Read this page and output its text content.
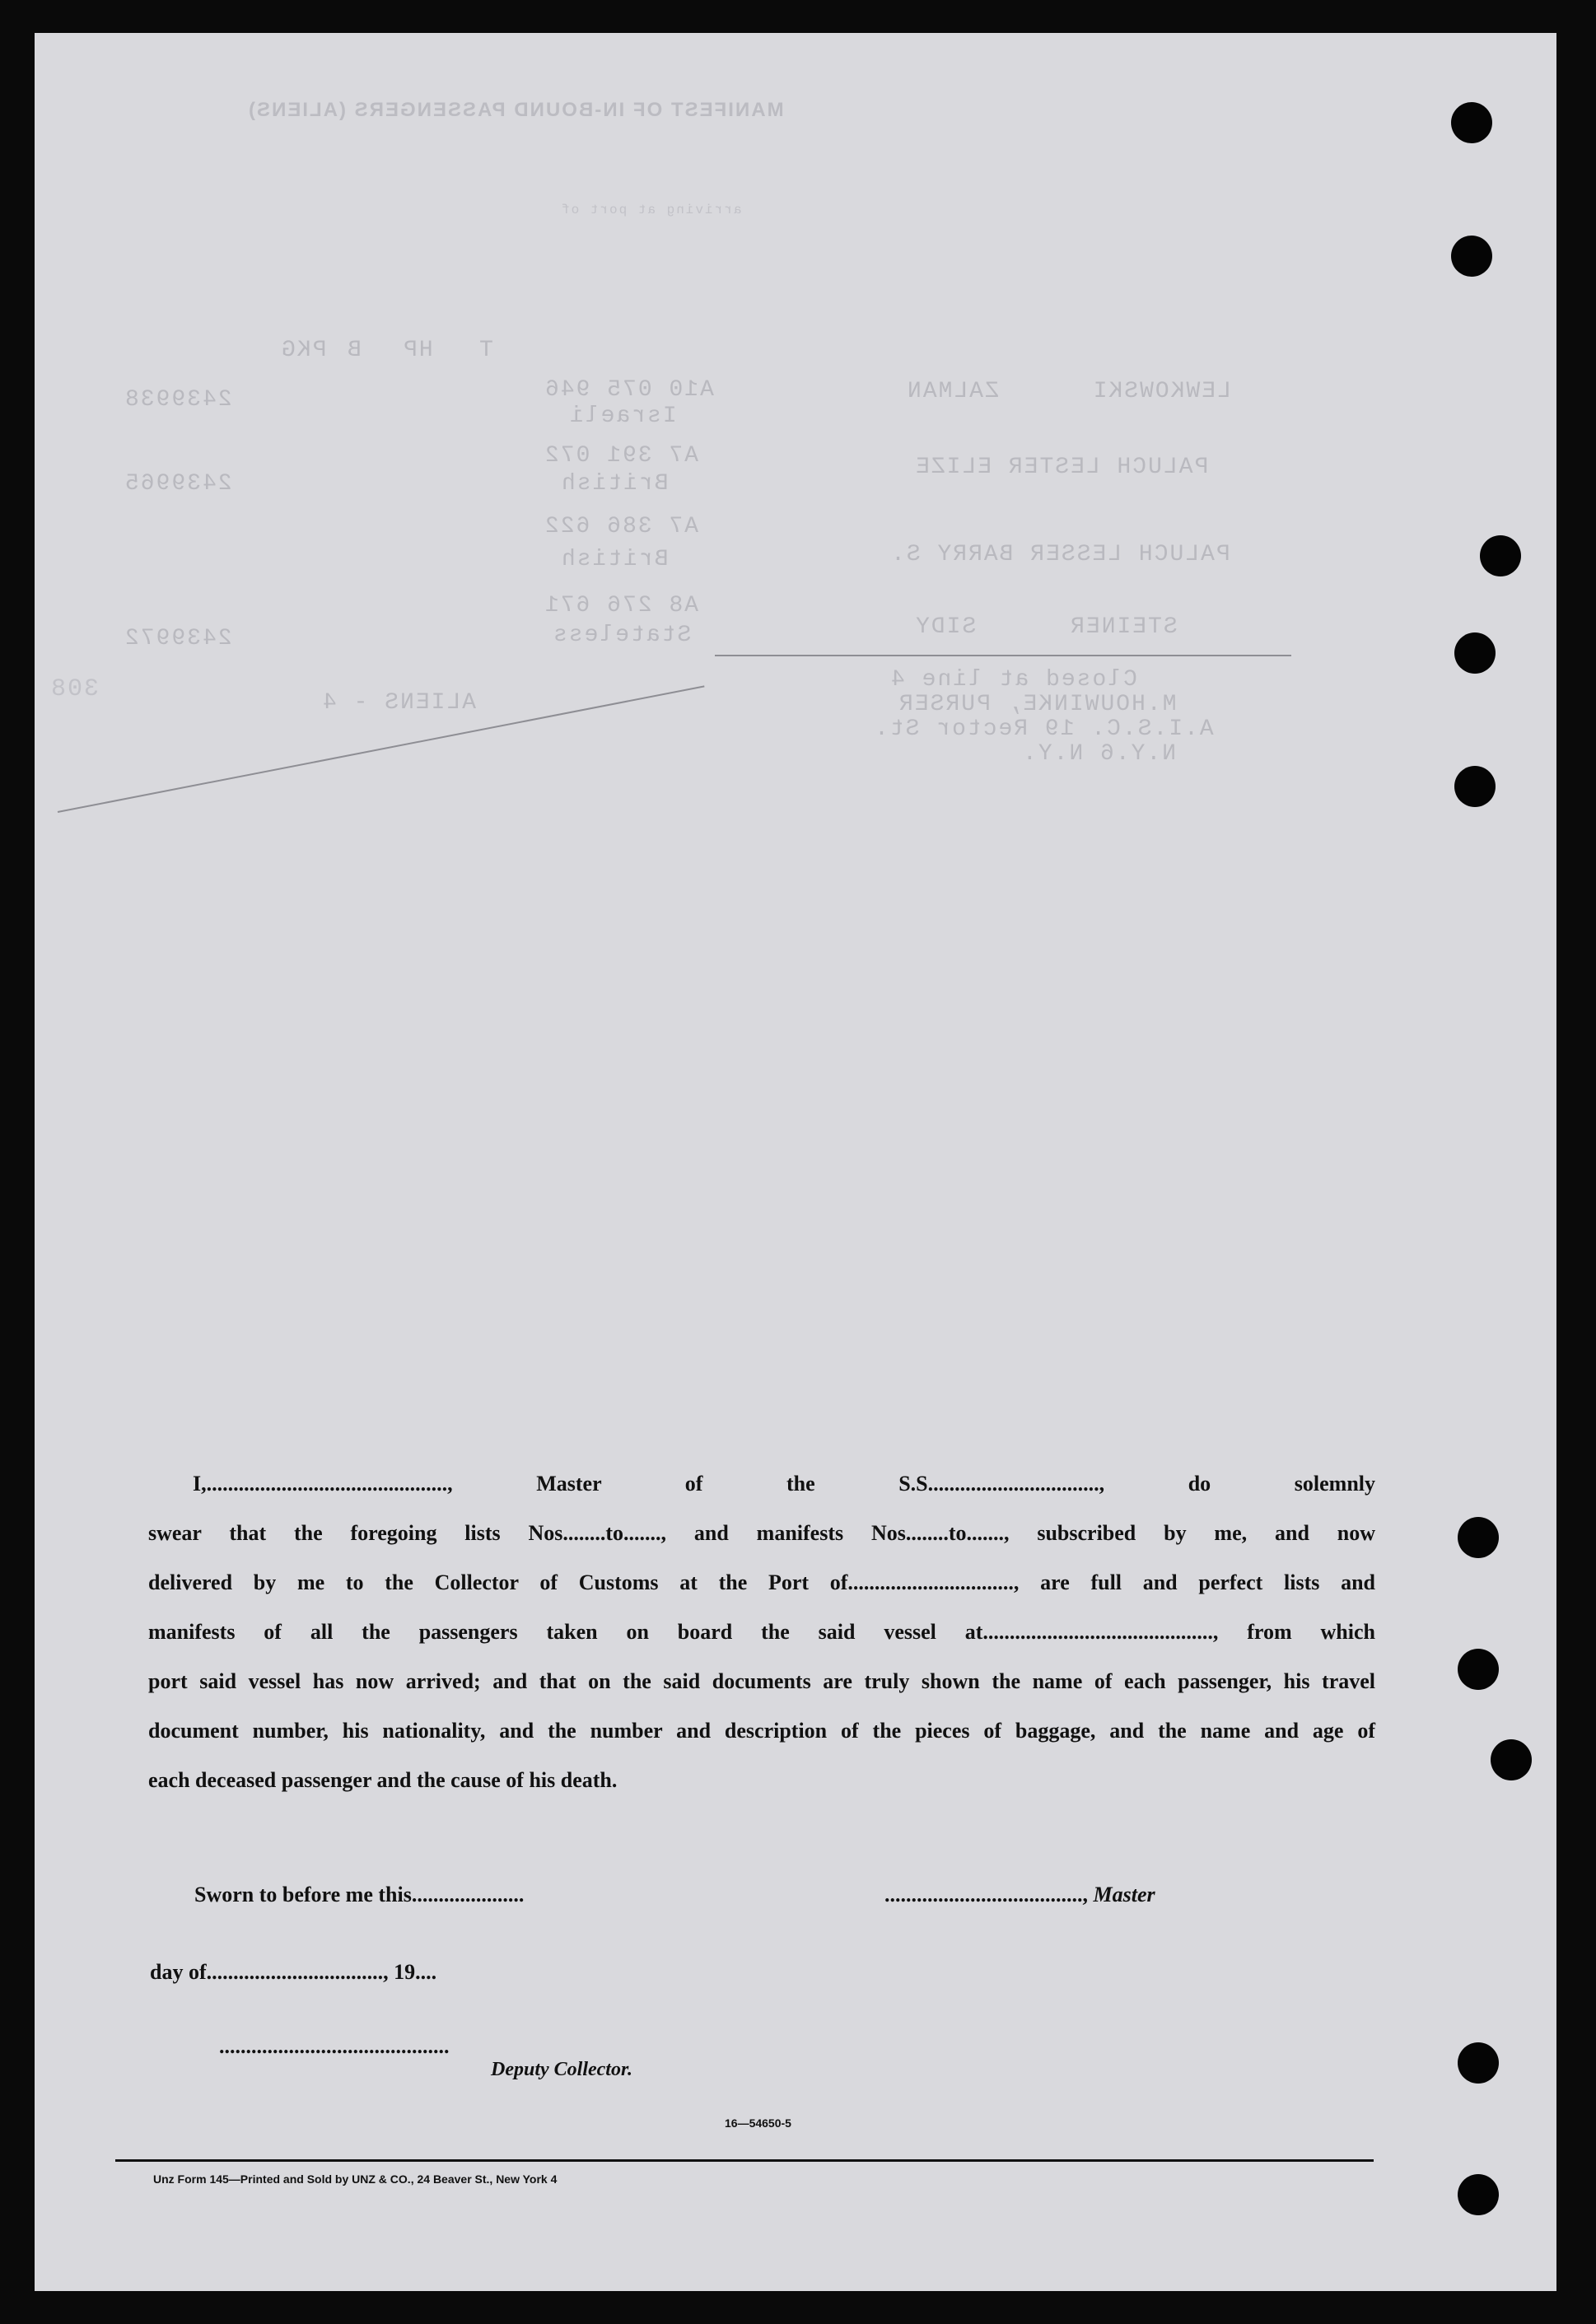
MANIFEST OF IN-BOUND PASSENGERS (ALIENS)
arriving at port of
T
HP
B
PKG
LEWKOWSKI      ZALMAN
A10 075 946
Israeli
2439938
PALUCH LESTER ELIZE
A7 391 072
British
2439965
PALUCH LESSER BARRY S.
A7 386 622
British
STEINER      SIDY
A8 276 671
Stateless
2439972
Closed at line 4
M.HOUWINKE, PURSER
A.I.S.C. 19 Rector St.
N.Y.6 N.Y.
ALIENS - 4
308

I,............................................., Master of the S.S................................, do solemnly

swear that the foregoing lists Nos........to......., and manifests Nos........to......., subscribed by me, and now

delivered by me to the Collector of Customs at the Port of..............................., are full and perfect lists and

manifests of all the passengers taken on board the said vessel at..........................................., from which

port said vessel has now arrived; and that on the said documents are truly shown the name of each passenger, his travel

document number, his nationality, and the number and description of the pieces of baggage, and the name and age of

each deceased passenger and the cause of his death.

Sworn to before me this.....................	....................................., Master
day of................................., 19....
...........................................
Deputy Collector.
16—54650-5
Unz Form 145—Printed and Sold by UNZ & CO., 24 Beaver St., New York 4
